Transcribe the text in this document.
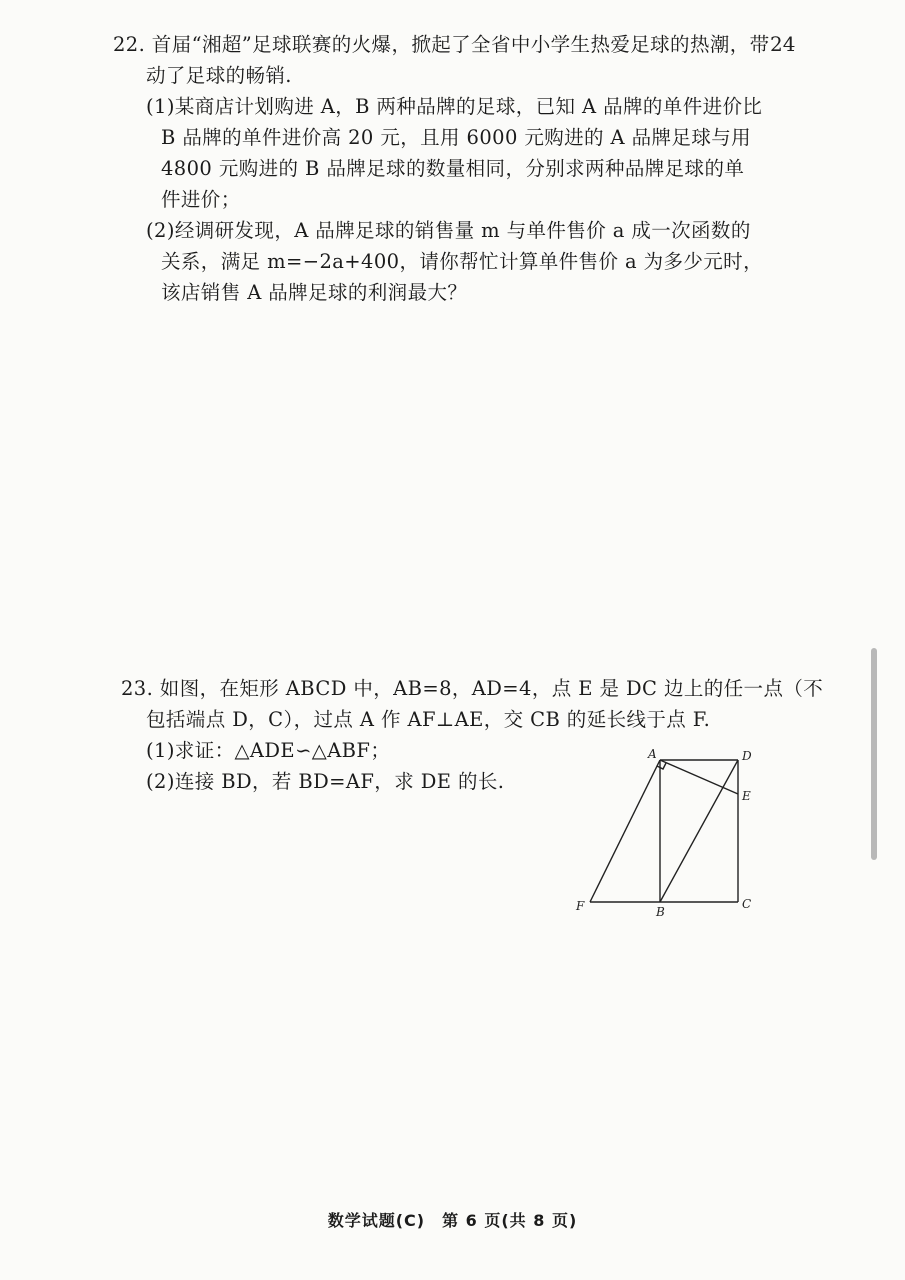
22. 首届“湘超”足球联赛的火爆，掀起了全省中小学生热爱足球的热潮，带
动了足球的畅销.
(1)某商店计划购进 A，B 两种品牌的足球，已知 A 品牌的单件进价比
B 品牌的单件进价高 20 元，且用 6000 元购进的 A 品牌足球与用
4800 元购进的 B 品牌足球的数量相同，分别求两种品牌足球的单
件进价；
(2)经调研发现，A 品牌足球的销售量 m 与单件售价 a 成一次函数的
关系，满足 m=−2a+400，请你帮忙计算单件售价 a 为多少元时，
该店销售 A 品牌足球的利润最大？
24
23. 如图，在矩形 ABCD 中，AB=8，AD=4，点 E 是 DC 边上的任一点（不
包括端点 D，C），过点 A 作 AF⊥AE，交 CB 的延长线于点 F.
(1)求证：△ADE∽△ABF；
(2)连接 BD，若 BD=AF，求 DE 的长.
A	D
E
F	B
C
数学试题(C)　第 6 页(共 8 页)
